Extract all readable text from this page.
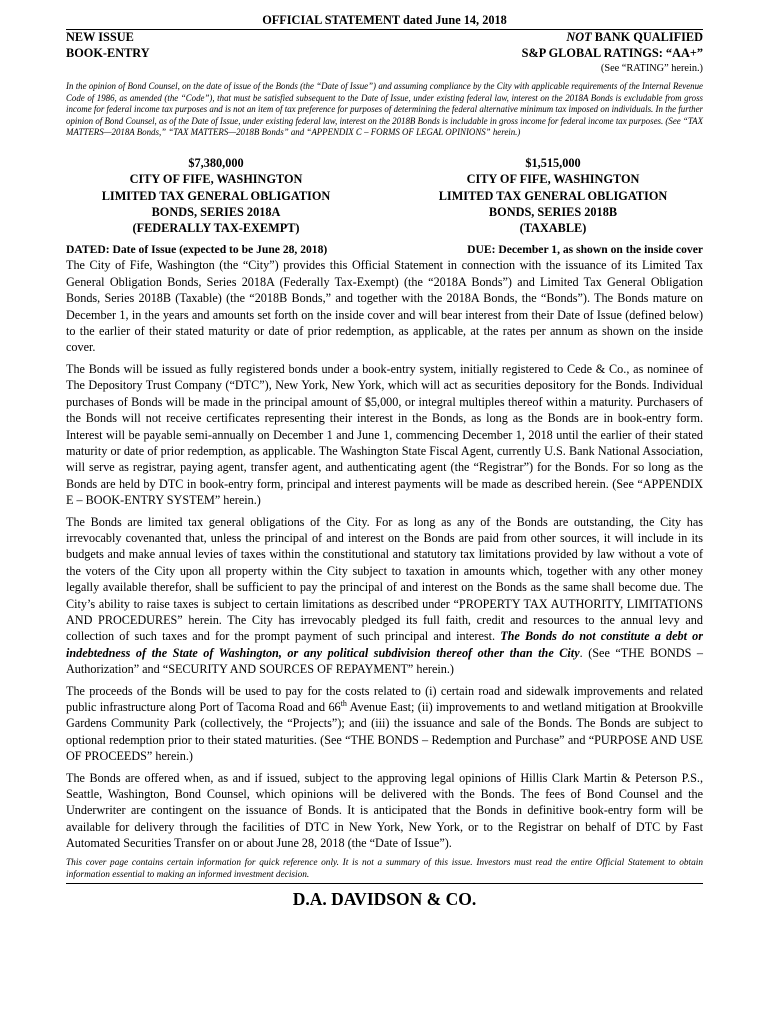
OFFICIAL STATEMENT dated June 14, 2018
NEW ISSUE	NOT BANK QUALIFIED
BOOK-ENTRY	S&P GLOBAL RATINGS: “AA+”
(See “RATING” herein.)
In the opinion of Bond Counsel, on the date of issue of the Bonds (the “Date of Issue”) and assuming compliance by the City with applicable requirements of the Internal Revenue Code of 1986, as amended (the “Code”), that must be satisfied subsequent to the Date of Issue, under existing federal law, interest on the 2018A Bonds is excludable from gross income for federal income tax purposes and is not an item of tax preference for purposes of determining the federal alternative minimum tax imposed on individuals. In the further opinion of Bond Counsel, as of the Date of Issue, under existing federal law, interest on the 2018B Bonds is includable in gross income for federal income tax purposes. (See “TAX MATTERS—2018A Bonds,” “TAX MATTERS—2018B Bonds” and “APPENDIX C – FORMS OF LEGAL OPINIONS” herein.)
$7,380,000
CITY OF FIFE, WASHINGTON
LIMITED TAX GENERAL OBLIGATION
BONDS, SERIES 2018A
(FEDERALLY TAX-EXEMPT)
$1,515,000
CITY OF FIFE, WASHINGTON
LIMITED TAX GENERAL OBLIGATION
BONDS, SERIES 2018B
(TAXABLE)
DATED: Date of Issue (expected to be June 28, 2018)	DUE: December 1, as shown on the inside cover

The City of Fife, Washington (the “City”) provides this Official Statement in connection with the issuance of its Limited Tax General Obligation Bonds, Series 2018A (Federally Tax-Exempt) (the “2018A Bonds”) and Limited Tax General Obligation Bonds, Series 2018B (Taxable) (the “2018B Bonds,” and together with the 2018A Bonds, the “Bonds”). The Bonds mature on December 1, in the years and amounts set forth on the inside cover and will bear interest from their Date of Issue (defined below) to the earlier of their stated maturity or date of prior redemption, as applicable, at the rates per annum as shown on the inside cover.

The Bonds will be issued as fully registered bonds under a book-entry system, initially registered to Cede & Co., as nominee of The Depository Trust Company (“DTC”), New York, New York, which will act as securities depository for the Bonds. Individual purchases of Bonds will be made in the principal amount of $5,000, or integral multiples thereof within a maturity. Purchasers of the Bonds will not receive certificates representing their interest in the Bonds, as long as the Bonds are in book-entry form. Interest will be payable semi-annually on December 1 and June 1, commencing December 1, 2018 until the earlier of their stated maturity or date of prior redemption, as applicable. The Washington State Fiscal Agent, currently U.S. Bank National Association, will serve as registrar, paying agent, transfer agent, and authenticating agent (the “Registrar”) for the Bonds. For so long as the Bonds are held by DTC in book-entry form, principal and interest payments will be made as described herein. (See “APPENDIX E – BOOK-ENTRY SYSTEM” herein.)

The Bonds are limited tax general obligations of the City. For as long as any of the Bonds are outstanding, the City has irrevocably covenanted that, unless the principal of and interest on the Bonds are paid from other sources, it will include in its budgets and make annual levies of taxes within the constitutional and statutory tax limitations provided by law without a vote of the voters of the City upon all property within the City subject to taxation in amounts which, together with any other money legally available therefor, shall be sufficient to pay the principal of and interest on the Bonds as the same shall become due. The City’s ability to raise taxes is subject to certain limitations as described under “PROPERTY TAX AUTHORITY, LIMITATIONS AND PROCEDURES” herein. The City has irrevocably pledged its full faith, credit and resources to the annual levy and collection of such taxes and for the prompt payment of such principal and interest. The Bonds do not constitute a debt or indebtedness of the State of Washington, or any political subdivision thereof other than the City. (See “THE BONDS – Authorization” and “SECURITY AND SOURCES OF REPAYMENT” herein.)

The proceeds of the Bonds will be used to pay for the costs related to (i) certain road and sidewalk improvements and related public infrastructure along Port of Tacoma Road and 66th Avenue East; (ii) improvements to and wetland mitigation at Brookville Gardens Community Park (collectively, the “Projects”); and (iii) the issuance and sale of the Bonds. The Bonds are subject to optional redemption prior to their stated maturities. (See “THE BONDS – Redemption and Purchase” and “PURPOSE AND USE OF PROCEEDS” herein.)

The Bonds are offered when, as and if issued, subject to the approving legal opinions of Hillis Clark Martin & Peterson P.S., Seattle, Washington, Bond Counsel, which opinions will be delivered with the Bonds. The fees of Bond Counsel and the Underwriter are contingent on the issuance of Bonds. It is anticipated that the Bonds in definitive book-entry form will be available for delivery through the facilities of DTC in New York, New York, or to the Registrar on behalf of DTC by Fast Automated Securities Transfer on or about June 28, 2018 (the “Date of Issue”).

This cover page contains certain information for quick reference only. It is not a summary of this issue. Investors must read the entire Official Statement to obtain information essential to making an informed investment decision.
D.A. DAVIDSON & CO.
